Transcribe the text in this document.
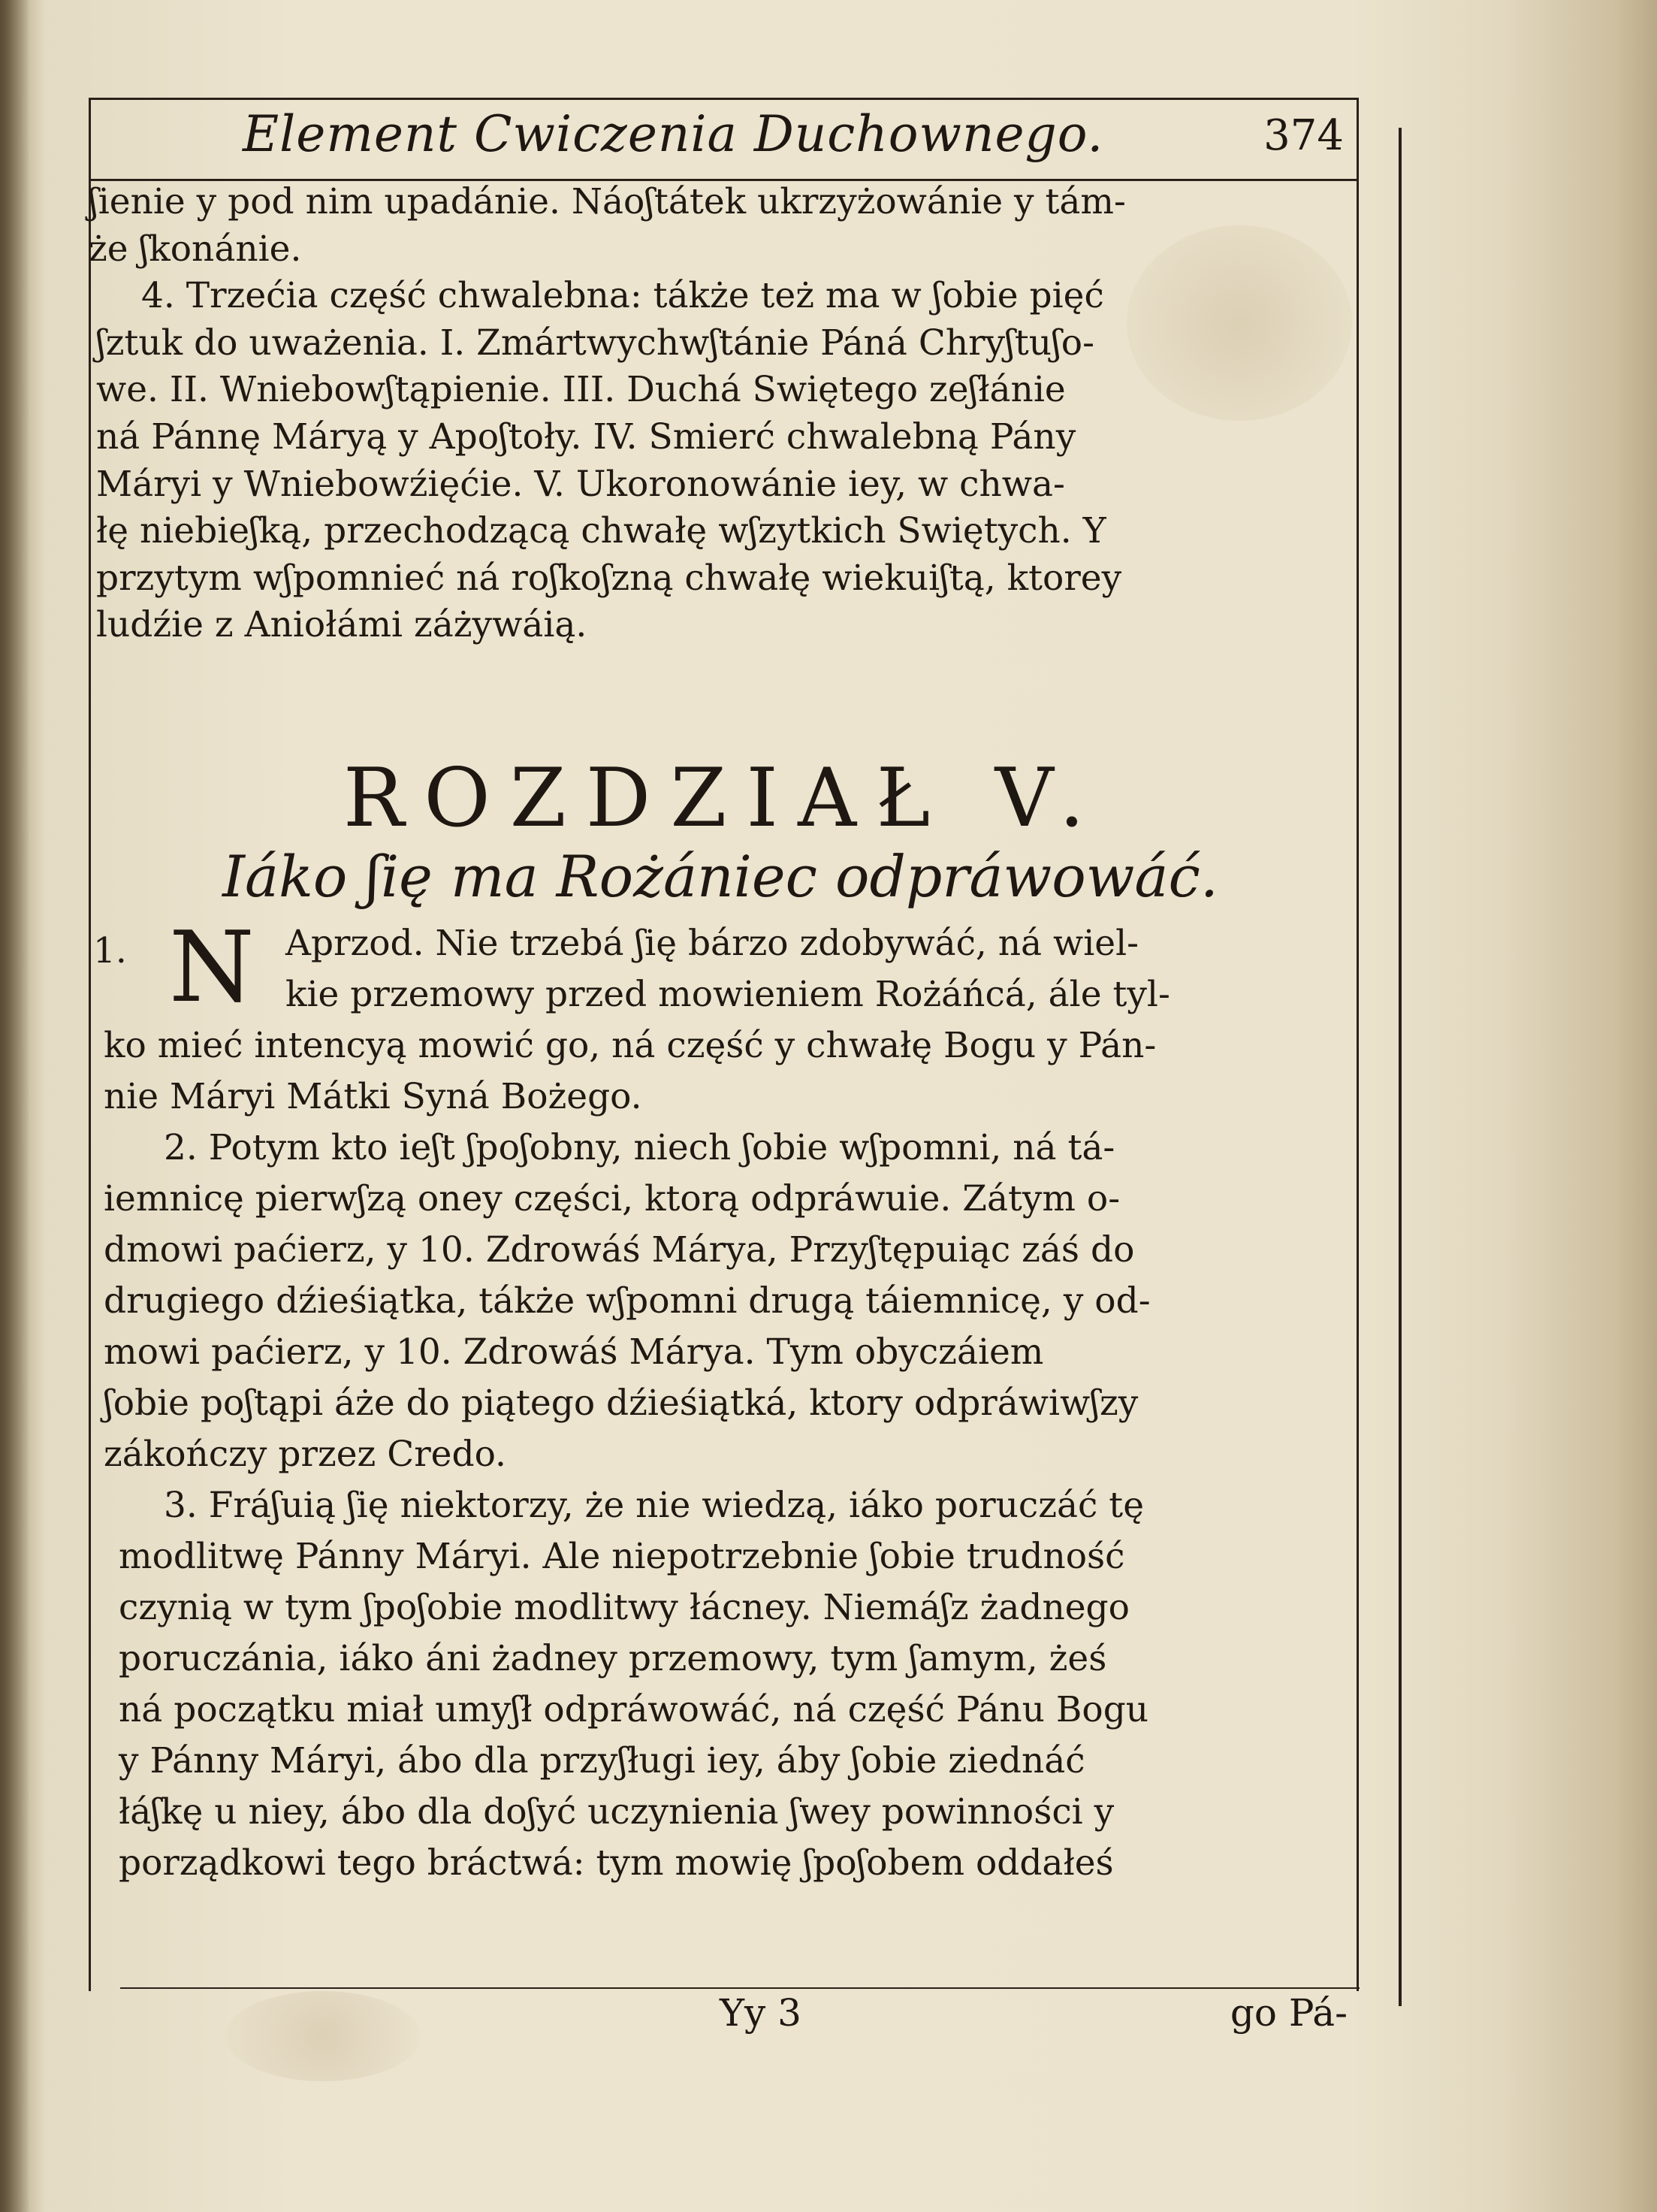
Element Cwiczenia Duchownego.	374
ʃienie y pod nim upadánie. Náoʃtátek ukrzyżowánie y tám-
że ʃkonánie.
4. Trzećia część chwalebna: tákże też ma w ʃobie pięć
ʃztuk do uważenia. I. Zmártwychwʃtánie Páná Chryʃtuʃo-
we. II. Wniebowʃtąpienie. III. Duchá Swiętego zeʃłánie
ná Pánnę Máryą y Apoʃtoły. IV. Smierć chwalebną Pány
Máryi y Wniebowźięćie. V. Ukoronowánie iey, w chwa-
łę niebieʃką, przechodzącą chwałę wʃzytkich Swiętych. Y
przytym wʃpomnieć ná roʃkoʃzną chwałę wiekuiʃtą, ktorey
ludźie z Aniołámi záżywáią.
ROZDZIAŁ V.
Iáko ʃię ma Rożániec odpráwowáć.
1. N Aprzod. Nie trzebá ʃię bárzo zdobywáć, ná wiel-
kie przemowy przed mowieniem Rożáńcá, ále tyl-
ko mieć intencyą mowić go, ná część y chwałę Bogu y Pán-
nie Máryi Mátki Syná Bożego.
2. Potym kto ieʃt ʃpoʃobny, niech ʃobie wʃpomni, ná tá-
iemnicę pierwʃzą oney części, ktorą odpráwuie. Zátym o-
dmowi paćierz, y 10. Zdrowáś Márya, Przyʃtępuiąc záś do
drugiego dźieśiątka, tákże wʃpomni drugą táiemnicę, y od-
mowi paćierz, y 10. Zdrowáś Márya. Tym obyczáiem
ʃobie poʃtąpi áże do piątego dźieśiątká, ktory odpráwiwʃzy
zákończy przez Credo.
3. Fráʃuią ʃię niektorzy, że nie wiedzą, iáko poruczáć tę
modlitwę Pánny Máryi. Ale niepotrzebnie ʃobie trudność
czynią w tym ʃpoʃobie modlitwy łácney. Niemáʃz żadnego
poruczánia, iáko áni żadney przemowy, tym ʃamym, żeś
ná początku miał umyʃł odpráwowáć, ná część Pánu Bogu
y Pánny Máryi, ábo dla przyʃługi iey, áby ʃobie ziednáć
łáʃkę u niey, ábo dla doʃyć uczynienia ʃwey powinności y
porządkowi tego bráctwá: tym mowię ʃpoʃobem oddałeś
Yy 3	go Pá-
